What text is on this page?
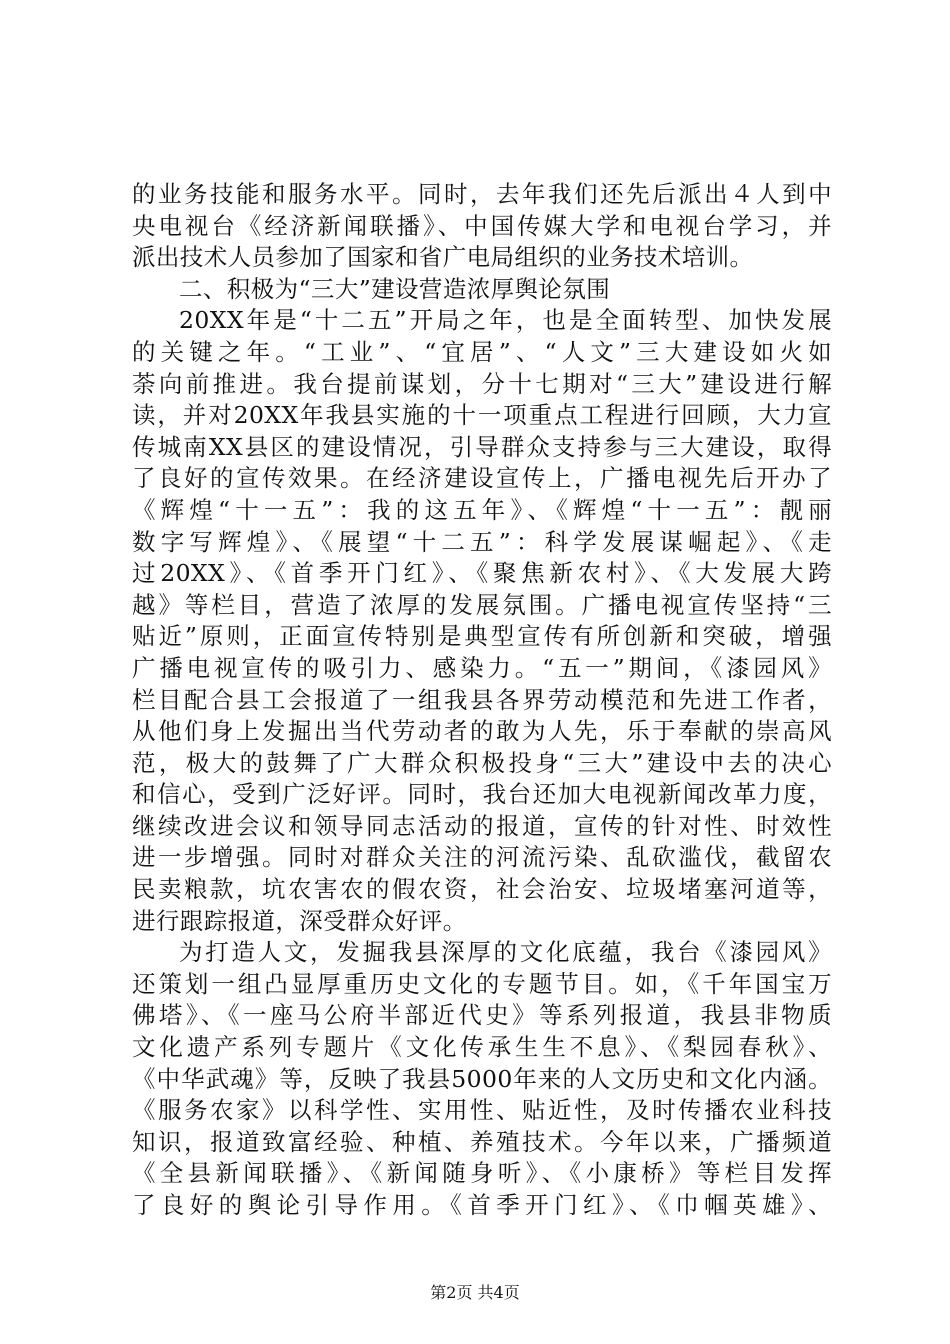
的业务技能和服务水平。同时，去年我们还先后派出４人到中
央电视台《经济新闻联播》、中国传媒大学和电视台学习，并
派出技术人员参加了国家和省广电局组织的业务技术培训。
二、积极为“三大”建设营造浓厚舆论氛围
20XX年是“十二五”开局之年，也是全面转型、加快发展
的关键之年。“工业”、“宜居”、“人文”三大建设如火如
荼向前推进。我台提前谋划，分十七期对“三大”建设进行解
读，并对20XX年我县实施的十一项重点工程进行回顾，大力宣
传城南XX县区的建设情况，引导群众支持参与三大建设，取得
了良好的宣传效果。在经济建设宣传上，广播电视先后开办了
《辉煌“十一五”：我的这五年》、《辉煌“十一五”：靓丽
数字写辉煌》、《展望“十二五”：科学发展谋崛起》、《走
过20XX》、《首季开门红》、《聚焦新农村》、《大发展大跨
越》等栏目，营造了浓厚的发展氛围。广播电视宣传坚持“三
贴近”原则，正面宣传特别是典型宣传有所创新和突破，增强
广播电视宣传的吸引力、感染力。“五一”期间，《漆园风》
栏目配合县工会报道了一组我县各界劳动模范和先进工作者，
从他们身上发掘出当代劳动者的敢为人先，乐于奉献的崇高风
范，极大的鼓舞了广大群众积极投身“三大”建设中去的决心
和信心，受到广泛好评。同时，我台还加大电视新闻改革力度，
继续改进会议和领导同志活动的报道，宣传的针对性、时效性
进一步增强。同时对群众关注的河流污染、乱砍滥伐，截留农
民卖粮款，坑农害农的假农资，社会治安、垃圾堵塞河道等，
进行跟踪报道，深受群众好评。
为打造人文，发掘我县深厚的文化底蕴，我台《漆园风》
还策划一组凸显厚重历史文化的专题节目。如，《千年国宝万
佛塔》、《一座马公府半部近代史》等系列报道，我县非物质
文化遗产系列专题片《文化传承生生不息》、《梨园春秋》、
《中华武魂》等，反映了我县5000年来的人文历史和文化内涵。
《服务农家》以科学性、实用性、贴近性，及时传播农业科技
知识，报道致富经验、种植、养殖技术。今年以来，广播频道
《全县新闻联播》、《新闻随身听》、《小康桥》等栏目发挥
了良好的舆论引导作用。《首季开门红》、《巾帼英雄》、
第2页 共4页
